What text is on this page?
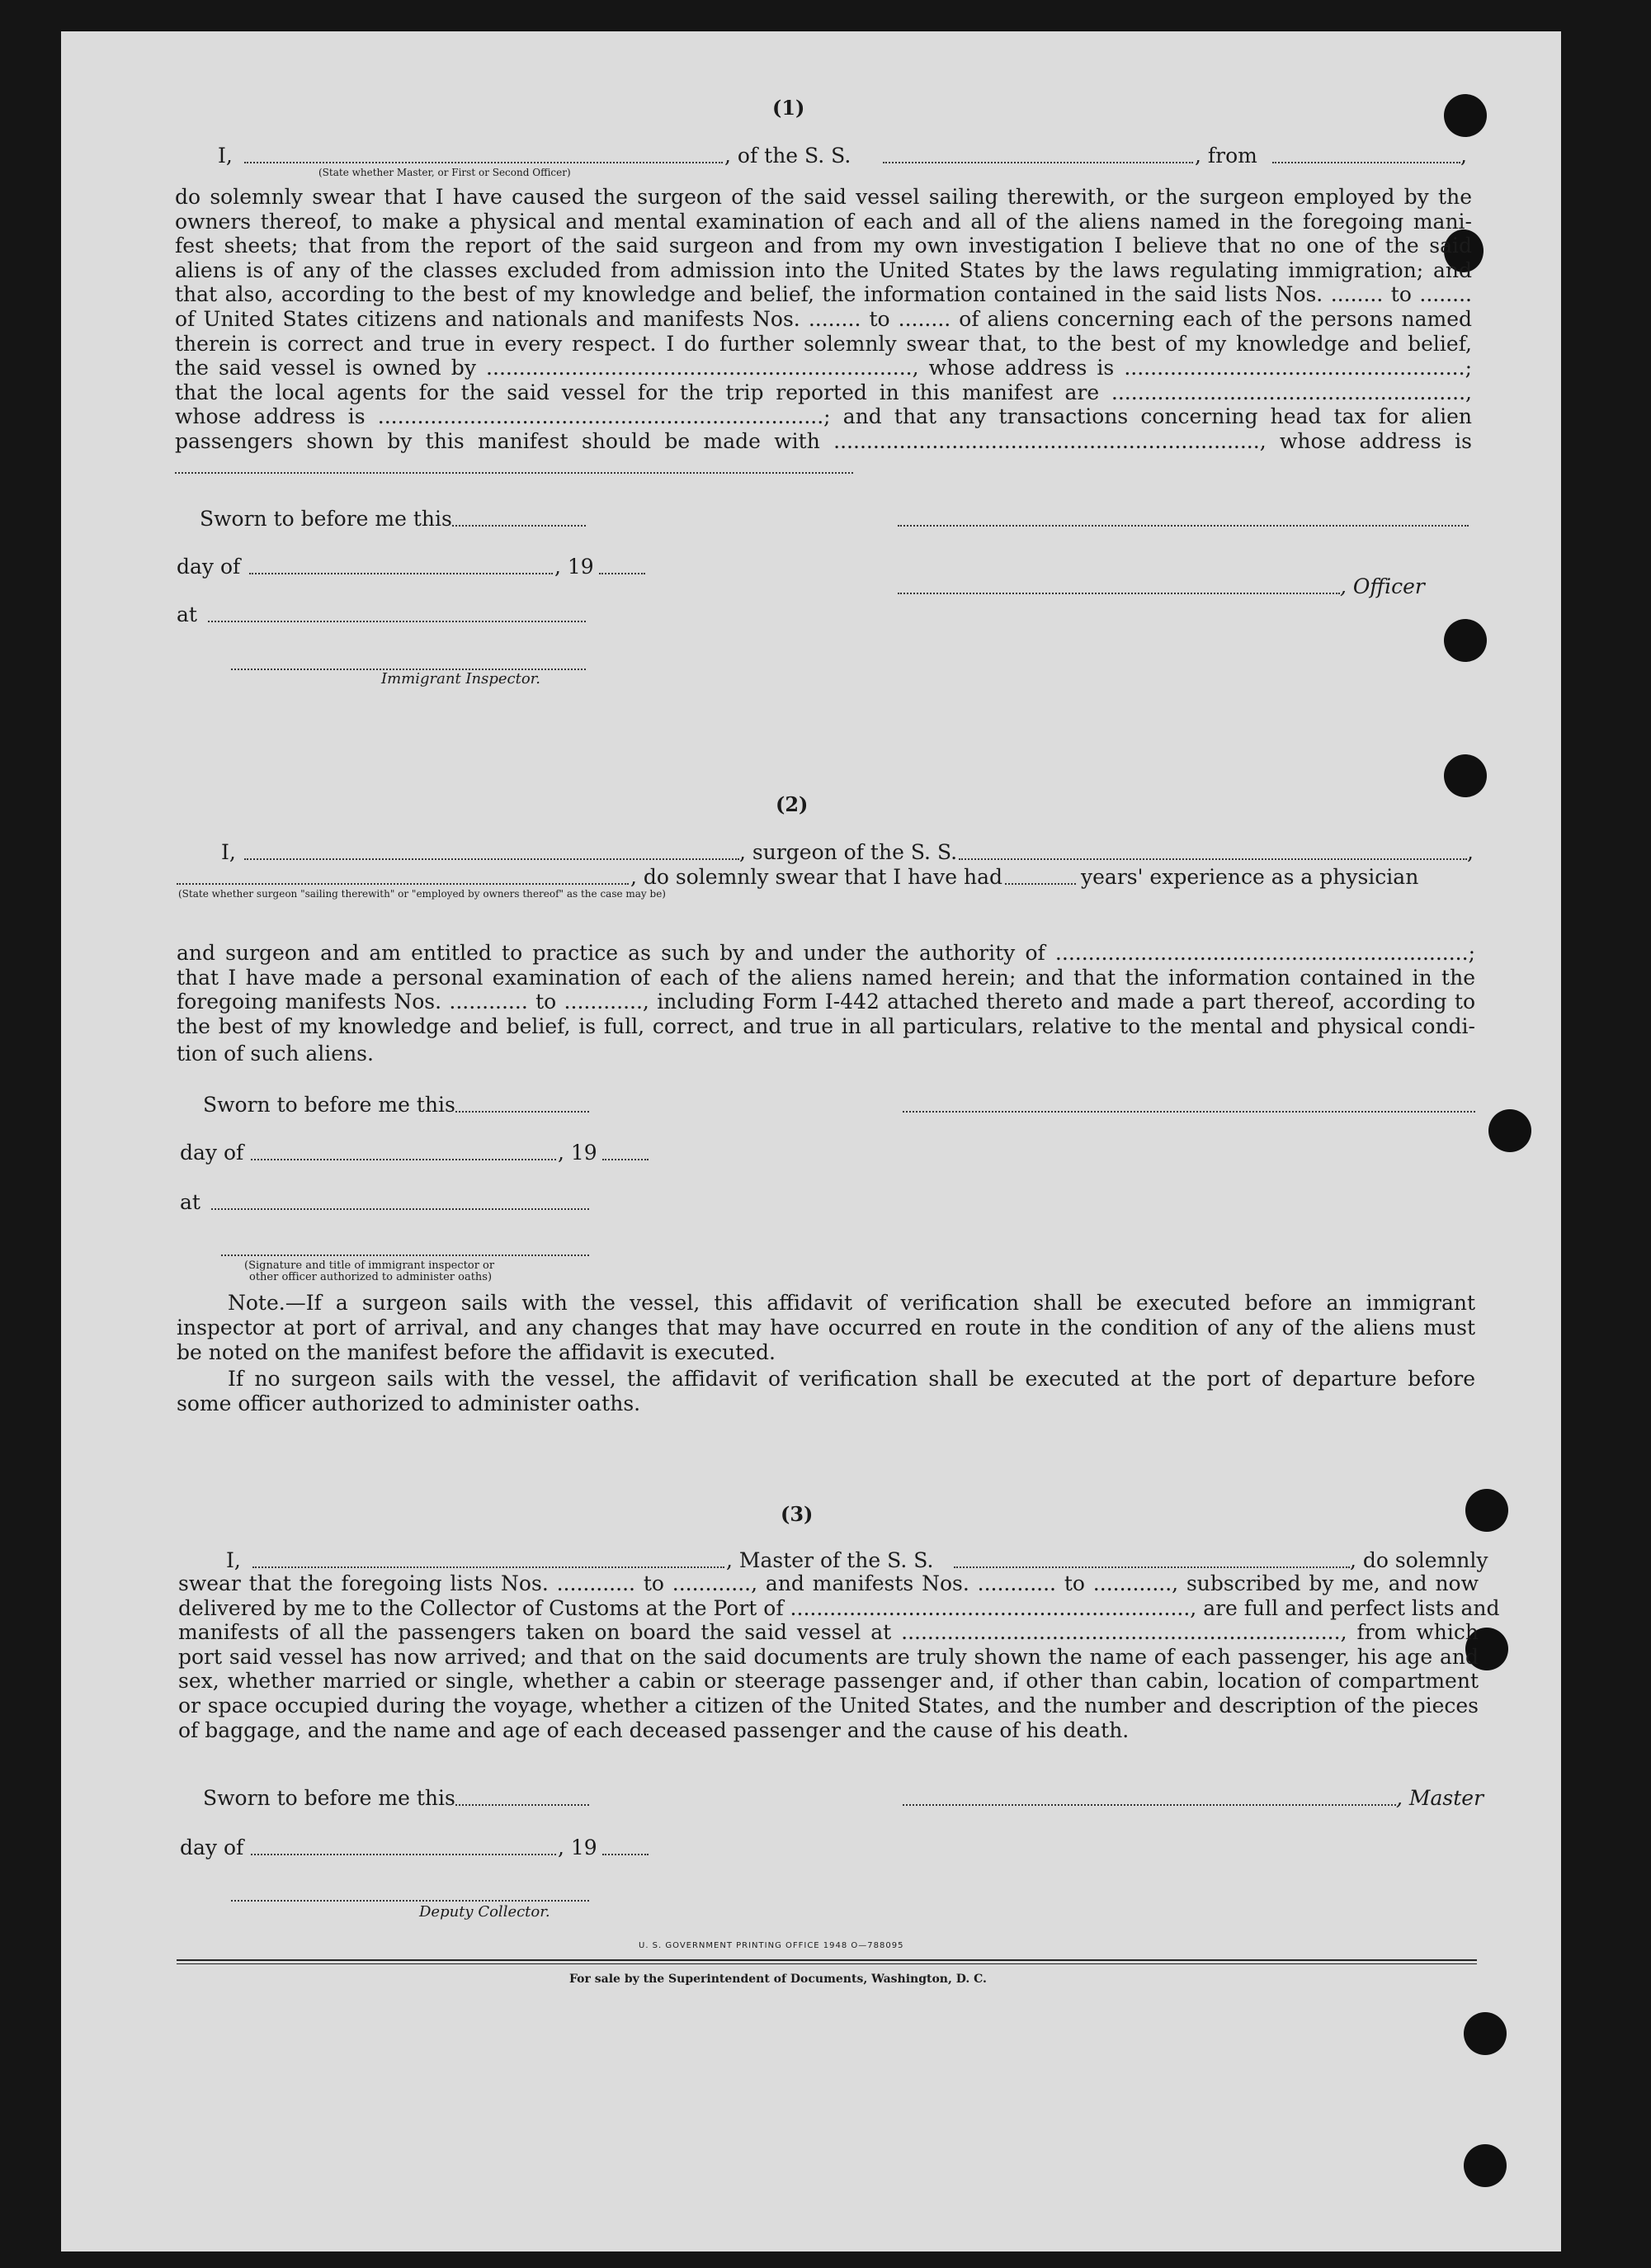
(1)
I,	, of the S. S.	, from	,
(State whether Master, or First or Second Officer)
do solemnly swear that I have caused the surgeon of the said vessel sailing therewith, or the surgeon employed by the
owners thereof, to make a physical and mental examination of each and all of the aliens named in the foregoing mani-
fest sheets; that from the report of the said surgeon and from my own investigation I believe that no one of the said
aliens is of any of the classes excluded from admission into the United States by the laws regulating immigration; and
that also, according to the best of my knowledge and belief, the information contained in the said lists Nos. ........ to ........
of United States citizens and nationals and manifests Nos. ........ to ........ of aliens concerning each of the persons named
therein is correct and true in every respect. I do further solemnly swear that, to the best of my knowledge and belief,
the said vessel is owned by ................................................................., whose address is ....................................................;
that the local agents for the said vessel for the trip reported in this manifest are ......................................................,
whose address is ....................................................................; and that any transactions concerning head tax for alien
passengers shown by this manifest should be made with ................................................................., whose address is
Sworn to before me this
day of	, 19
, Officer
at
Immigrant Inspector.
(2)
I,	, surgeon of the S. S.	,
, do solemnly swear that I have had	years' experience as a physician
(State whether surgeon "sailing therewith" or "employed by owners thereof" as the case may be)
and surgeon and am entitled to practice as such by and under the authority of ...............................................................;
that I have made a personal examination of each of the aliens named herein; and that the information contained in the
foregoing manifests Nos. ............ to ............, including Form I-442 attached thereto and made a part thereof, according to
the best of my knowledge and belief, is full, correct, and true in all particulars, relative to the mental and physical condi-
tion of such aliens.
Sworn to before me this
day of	, 19
at
(Signature and title of immigrant inspector or
other officer authorized to administer oaths)
Note.—If a surgeon sails with the vessel, this affidavit of verification shall be executed before an immigrant
inspector at port of arrival, and any changes that may have occurred en route in the condition of any of the aliens must
be noted on the manifest before the affidavit is executed.
If no surgeon sails with the vessel, the affidavit of verification shall be executed at the port of departure before
some officer authorized to administer oaths.
(3)
I,	, Master of the S. S.	, do solemnly
swear that the foregoing lists Nos. ............ to ............, and manifests Nos. ............ to ............, subscribed by me, and now
delivered by me to the Collector of Customs at the Port of ............................................................., are full and perfect lists and
manifests of all the passengers taken on board the said vessel at ..................................................................., from which
port said vessel has now arrived; and that on the said documents are truly shown the name of each passenger, his age and
sex, whether married or single, whether a cabin or steerage passenger and, if other than cabin, location of compartment
or space occupied during the voyage, whether a citizen of the United States, and the number and description of the pieces
of baggage, and the name and age of each deceased passenger and the cause of his death.
Sworn to before me this	, Master
day of	, 19
Deputy Collector.
U. S. GOVERNMENT PRINTING OFFICE 1948 O—788095
For sale by the Superintendent of Documents, Washington, D. C.
